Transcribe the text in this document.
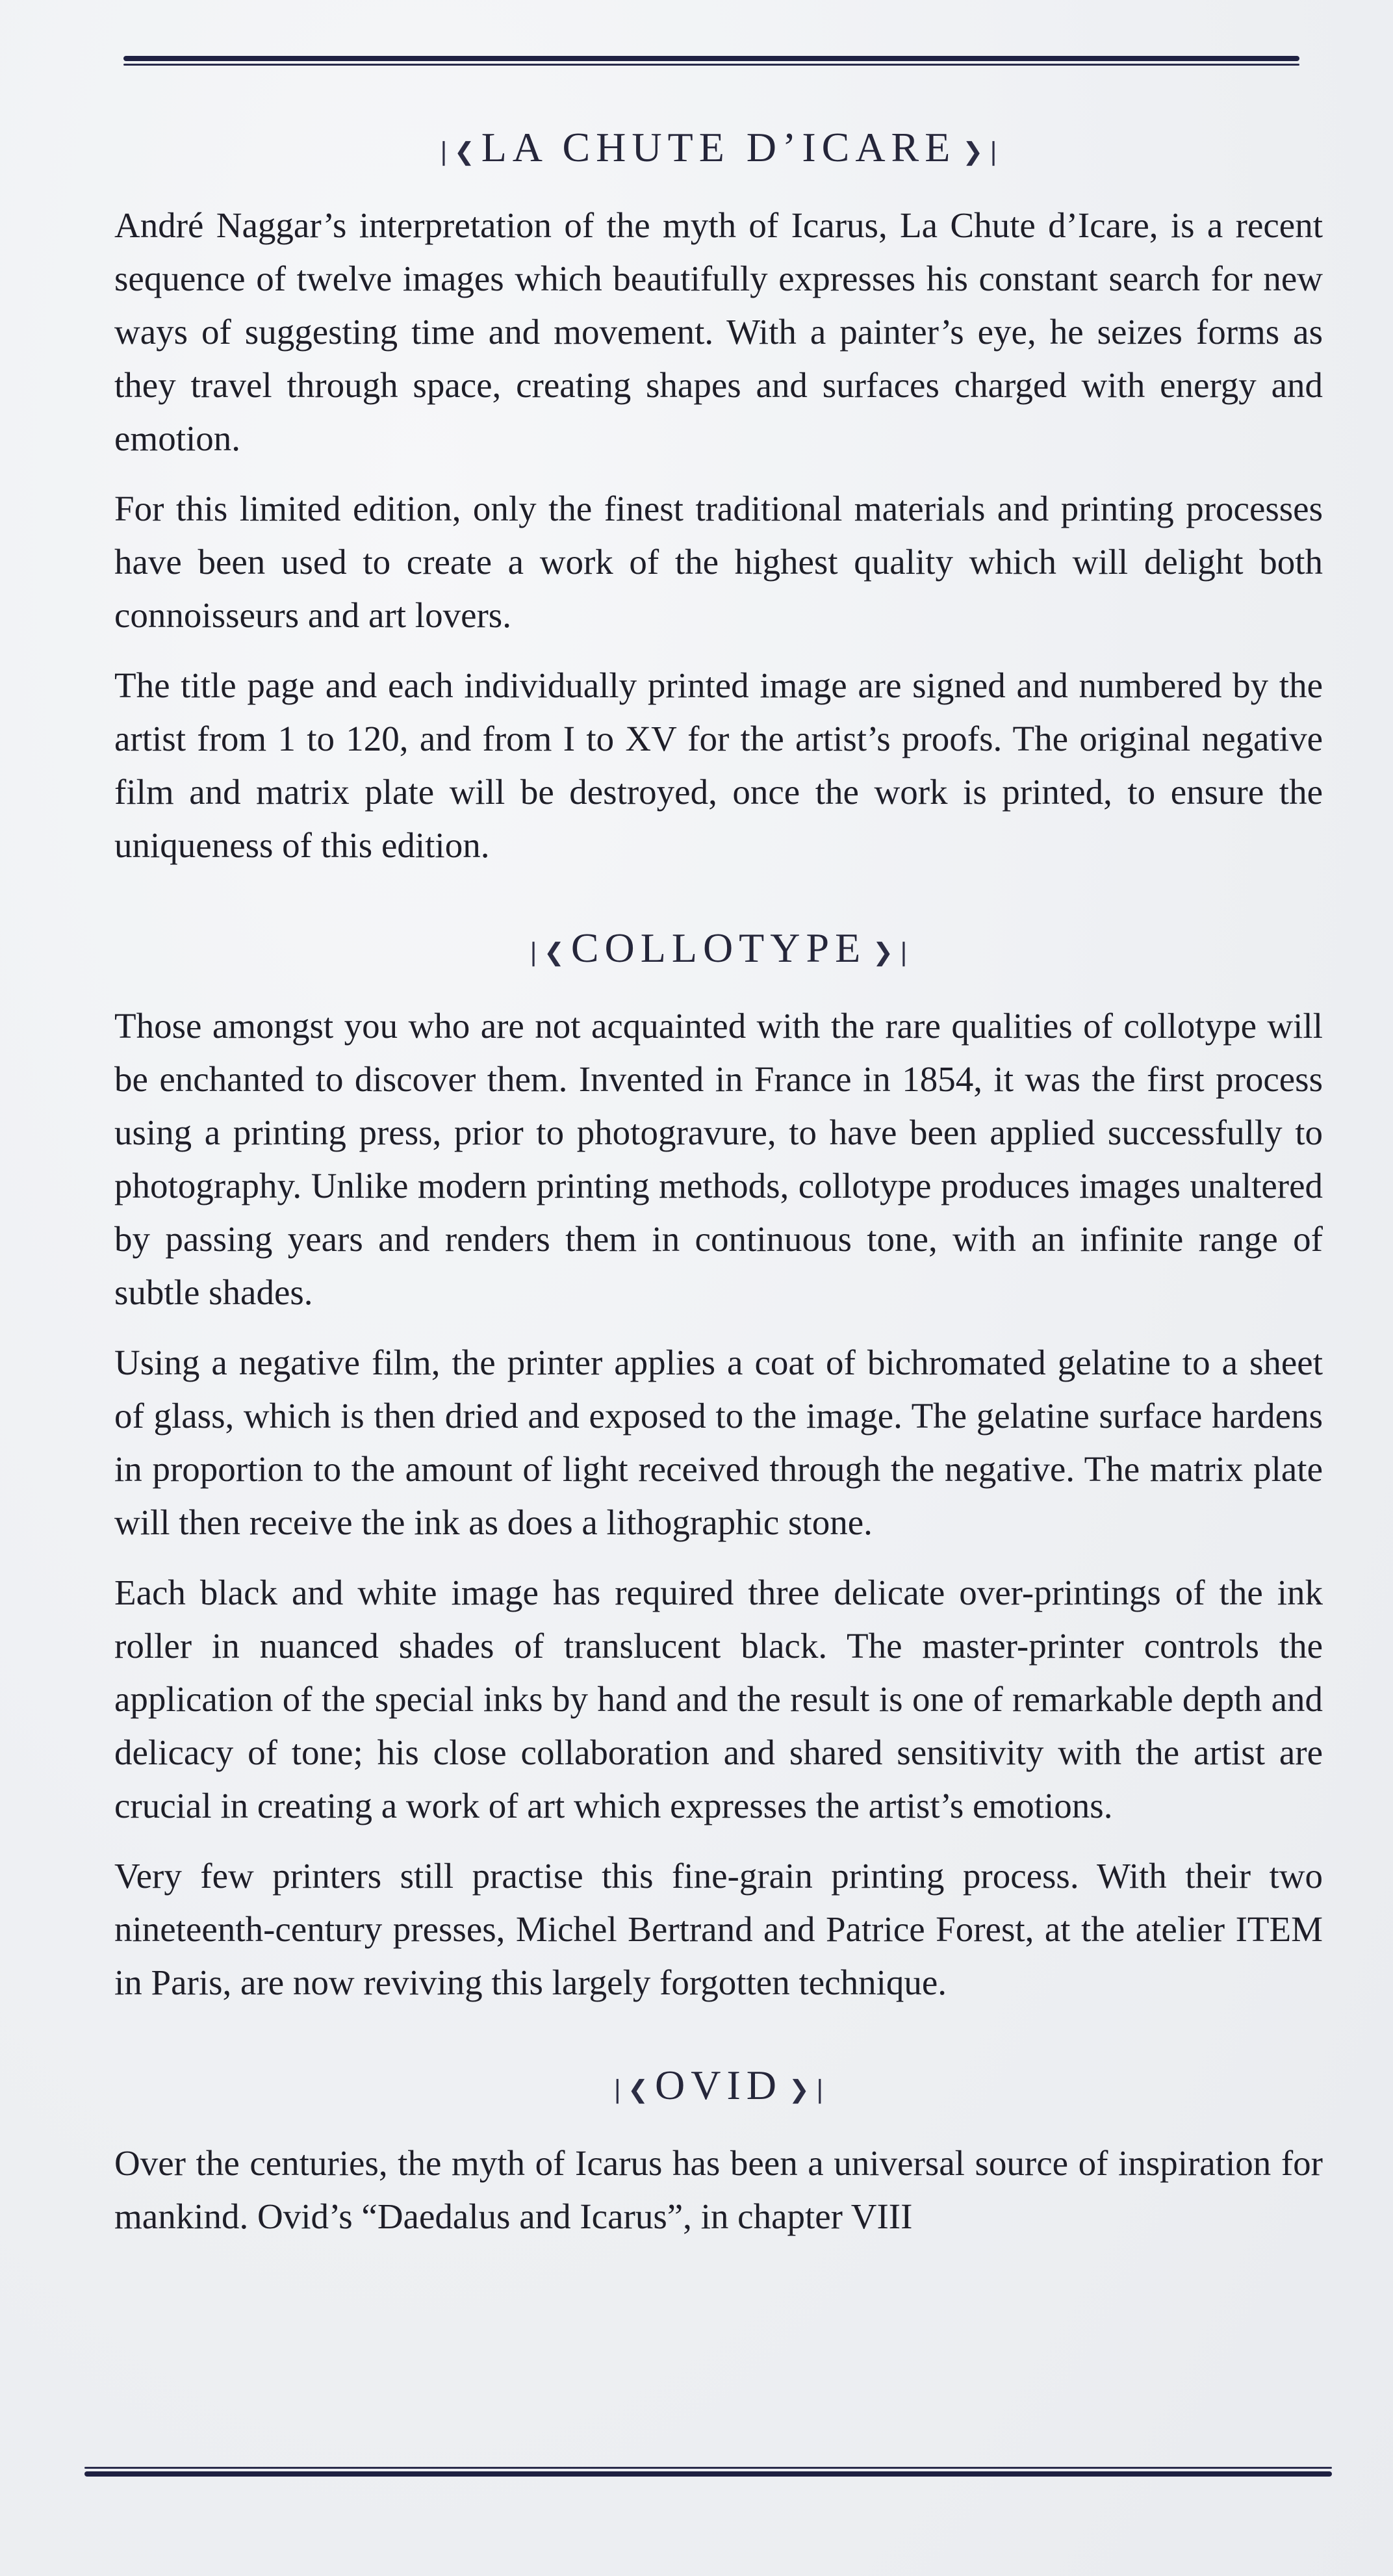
❘❮ LA CHUTE D’ICARE ❯❘

André Naggar’s interpretation of the myth of Icarus, La Chute d’Icare, is a recent sequence of twelve images which beautifully expresses his constant search for new ways of suggesting time and movement. With a painter’s eye, he seizes forms as they travel through space, creating shapes and surfaces charged with energy and emotion.

For this limited edition, only the finest traditional materials and printing processes have been used to create a work of the highest quality which will delight both connoisseurs and art lovers.

The title page and each individually printed image are signed and numbered by the artist from 1 to 120, and from I to XV for the artist’s proofs. The original negative film and matrix plate will be destroyed, once the work is printed, to ensure the uniqueness of this edition.

❘❮ COLLOTYPE ❯❘

Those amongst you who are not acquainted with the rare qualities of collotype will be enchanted to discover them. Invented in France in 1854, it was the first process using a printing press, prior to photogravure, to have been applied successfully to photography. Unlike modern printing methods, collotype produces images unaltered by passing years and renders them in continuous tone, with an infinite range of subtle shades.

Using a negative film, the printer applies a coat of bichromated gelatine to a sheet of glass, which is then dried and exposed to the image. The gelatine surface hardens in proportion to the amount of light received through the negative. The matrix plate will then receive the ink as does a lithographic stone.

Each black and white image has required three delicate over-printings of the ink roller in nuanced shades of translucent black. The master-printer controls the application of the special inks by hand and the result is one of remarkable depth and delicacy of tone; his close collaboration and shared sensitivity with the artist are crucial in creating a work of art which expresses the artist’s emotions.

Very few printers still practise this fine-grain printing process. With their two nineteenth-century presses, Michel Bertrand and Patrice Forest, at the atelier ITEM in Paris, are now reviving this largely forgotten technique.

❘❮ OVID ❯❘

Over the centuries, the myth of Icarus has been a universal source of inspiration for mankind. Ovid’s “Daedalus and Icarus”, in chapter VIII
